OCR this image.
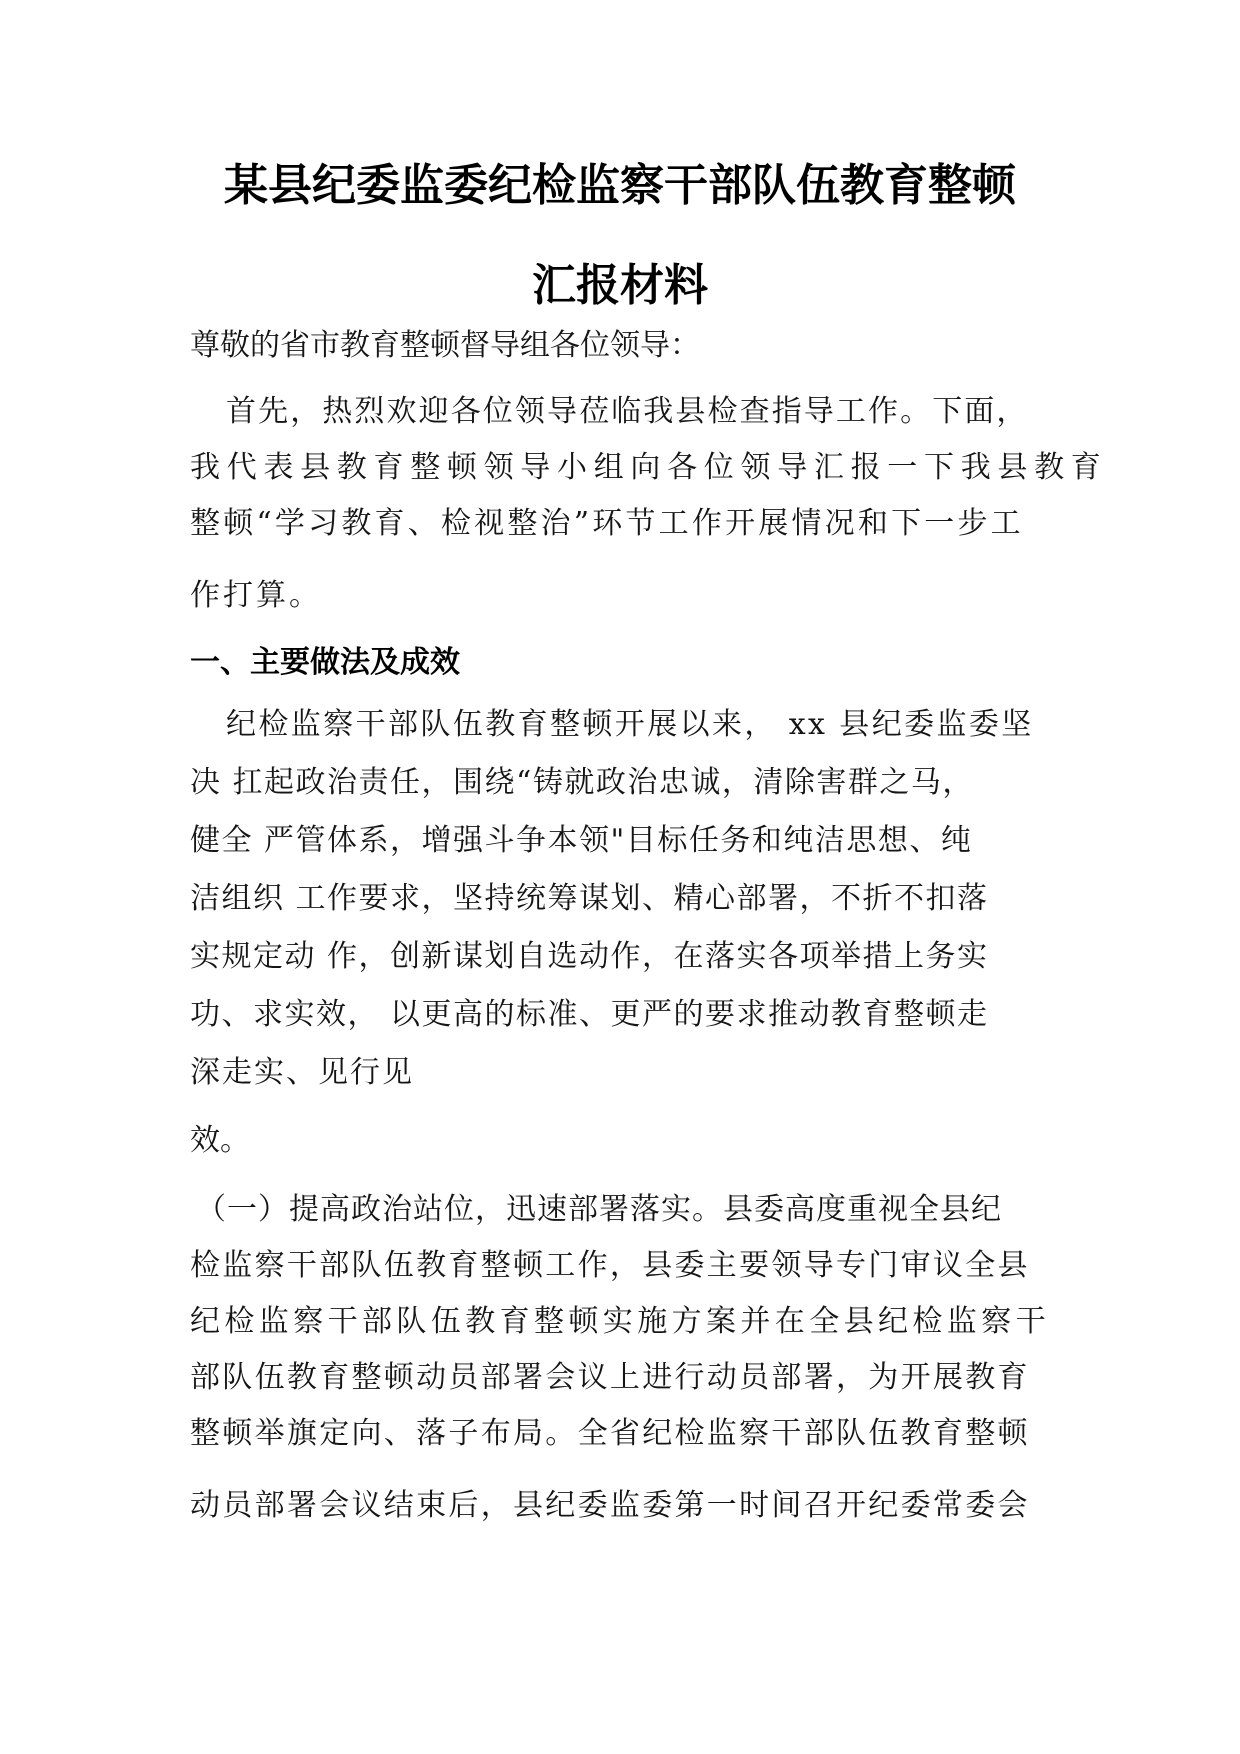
某县纪委监委纪检监察干部队伍教育整顿
汇报材料
尊敬的省市教育整顿督导组各位领导：
首先，热烈欢迎各位领导莅临我县检查指导工作。下面，
我代表县教育整顿领导小组向各位领导汇报一下我县教育
整顿“学习教育、检视整治”环节工作开展情况和下一步工
作打算。
一、主要做法及成效
纪检监察干部队伍教育整顿开展以来， xx 县纪委监委坚
决 扛起政治责任，围绕“铸就政治忠诚，清除害群之马，
健全 严管体系，增强斗争本领"目标任务和纯洁思想、纯
洁组织 工作要求，坚持统筹谋划、精心部署，不折不扣落
实规定动 作，创新谋划自选动作，在落实各项举措上务实
功、求实效， 以更高的标准、更严的要求推动教育整顿走
深走实、见行见
效。
（一）提高政治站位，迅速部署落实。县委高度重视全县纪
检监察干部队伍教育整顿工作，县委主要领导专门审议全县
纪检监察干部队伍教育整顿实施方案并在全县纪检监察干
部队伍教育整顿动员部署会议上进行动员部署，为开展教育
整顿举旗定向、落子布局。全省纪检监察干部队伍教育整顿
动员部署会议结束后，县纪委监委第一时间召开纪委常委会
